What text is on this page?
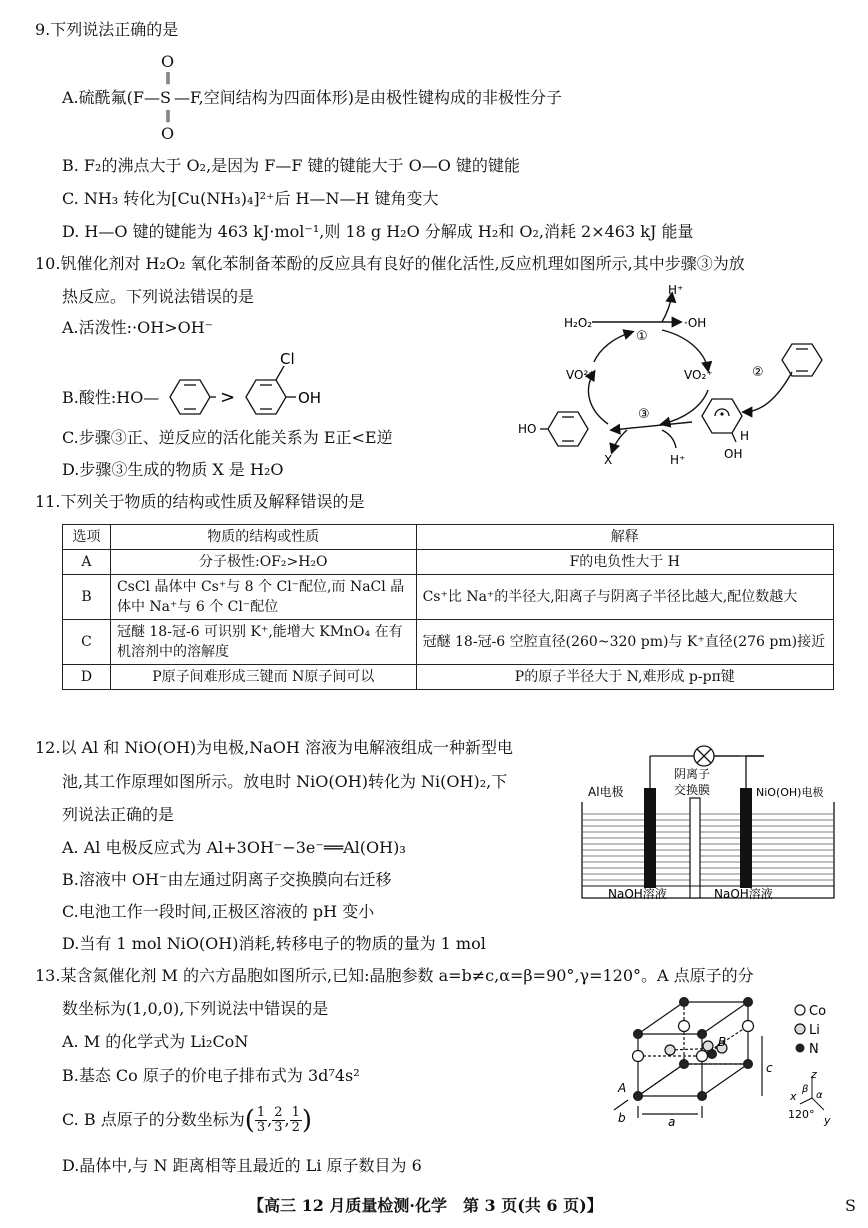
9.下列说法正确的是
A.硫酰氟(F—S
O
‖
‖
O
—F,空间结构为四面体形)是由极性键构成的非极性分子
B. F₂的沸点大于 O₂,是因为 F—F 键的键能大于 O—O 键的键能
C. NH₃ 转化为[Cu(NH₃)₄]²⁺后 H—N—H 键角变大
D. H—O 键的键能为 463 kJ·mol⁻¹,则 18 g H₂O 分解成 H₂和 O₂,消耗 2×463 kJ 能量
10.钒催化剂对 H₂O₂ 氧化苯制备苯酚的反应具有良好的催化活性,反应机理如图所示,其中步骤③为放
热反应。下列说法错误的是
A.活泼性:·OH>OH⁻
B.酸性:HO—	>
Cl
OH
C.步骤③正、逆反应的活化能关系为 E正<E逆
D.步骤③生成的物质 X 是 H₂O
H₂O₂	·OH
H⁺
①
②
③
VO²⁺	VO₂⁺
HO
X	H⁺
H
OH
11.下列关于物质的结构或性质及解释错误的是
选项	物质的结构或性质	解释
A	分子极性:OF₂>H₂O	F的电负性大于 H
B	CsCl 晶体中 Cs⁺与 8 个 Cl⁻配位,而 NaCl 晶体中 Na⁺与 6 个 Cl⁻配位	Cs⁺比 Na⁺的半径大,阳离子与阴离子半径比越大,配位数越大
C	冠醚 18-冠-6 可识别 K⁺,能增大 KMnO₄ 在有机溶剂中的溶解度	冠醚 18-冠-6 空腔直径(260~320 pm)与 K⁺直径(276 pm)接近
D	P原子间难形成三键而 N原子间可以	P的原子半径大于 N,难形成 p-pπ键
12.以 Al 和 NiO(OH)为电极,NaOH 溶液为电解液组成一种新型电
池,其工作原理如图所示。放电时 NiO(OH)转化为 Ni(OH)₂,下
列说法正确的是
A. Al 电极反应式为 Al+3OH⁻−3e⁻══Al(OH)₃
B.溶液中 OH⁻由左通过阴离子交换膜向右迁移
C.电池工作一段时间,正极区溶液的 pH 变小
D.当有 1 mol NiO(OH)消耗,转移电子的物质的量为 1 mol
Al电极
阴离子
交换膜	NiO(OH)电极
NaOH溶液	NaOH溶液
13.某含氮催化剂 M 的六方晶胞如图所示,已知:晶胞参数 a=b≠c,α=β=90°,γ=120°。A 点原子的分
数坐标为(1,0,0),下列说法中错误的是
A. M 的化学式为 Li₂CoN
B.基态 Co 原子的价电子排布式为 3d⁷4s²
C. B 点原子的分数坐标为$(\frac{1}{3},\frac{2}{3},\frac{1}{2})$
D.晶体中,与 N 距离相等且最近的 Li 原子数目为 6
A
B
a
b
c
Co
Li
N
z
x
y
β
α
120°
【高三 12 月质量检测·化学　第 3 页(共 6 页)】	S
